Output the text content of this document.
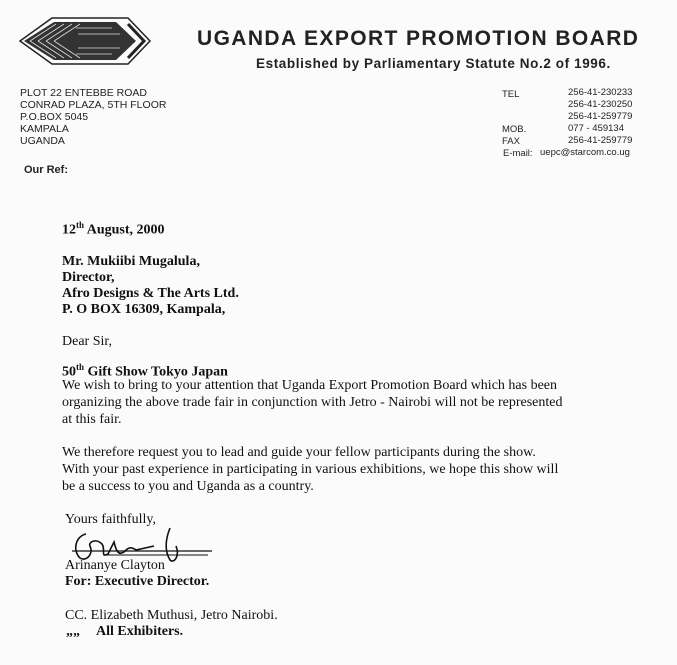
UGANDA EXPORT PROMOTION BOARD
Established by Parliamentary Statute No.2 of 1996.
PLOT 22 ENTEBBE ROAD
CONRAD PLAZA, 5TH FLOOR
P.O.BOX 5045
KAMPALA
UGANDA
TEL	256-41-230233
256-41-230250
256-41-259779
MOB.	077 - 459134
FAX	256-41-259779
E-mail: uepc@starcom.co.ug
Our Ref:
12th August, 2000
Mr. Mukiibi Mugalula,
Director,
Afro Designs & The Arts Ltd.
P. O BOX 16309, Kampala,
Dear Sir,
50th Gift Show Tokyo Japan
We wish to bring to your attention that Uganda Export Promotion Board which has been
organizing the above trade fair in conjunction with Jetro - Nairobi will not be represented
at this fair.
We therefore request you to lead and guide your fellow participants during the show.
With your past experience in participating in various exhibitions, we hope this show will
be a success to you and Uganda as a country.
Yours faithfully,
Arinanye Clayton
For: Executive Director.
CC. Elizabeth Muthusi, Jetro Nairobi.
„„ All Exhibiters.
